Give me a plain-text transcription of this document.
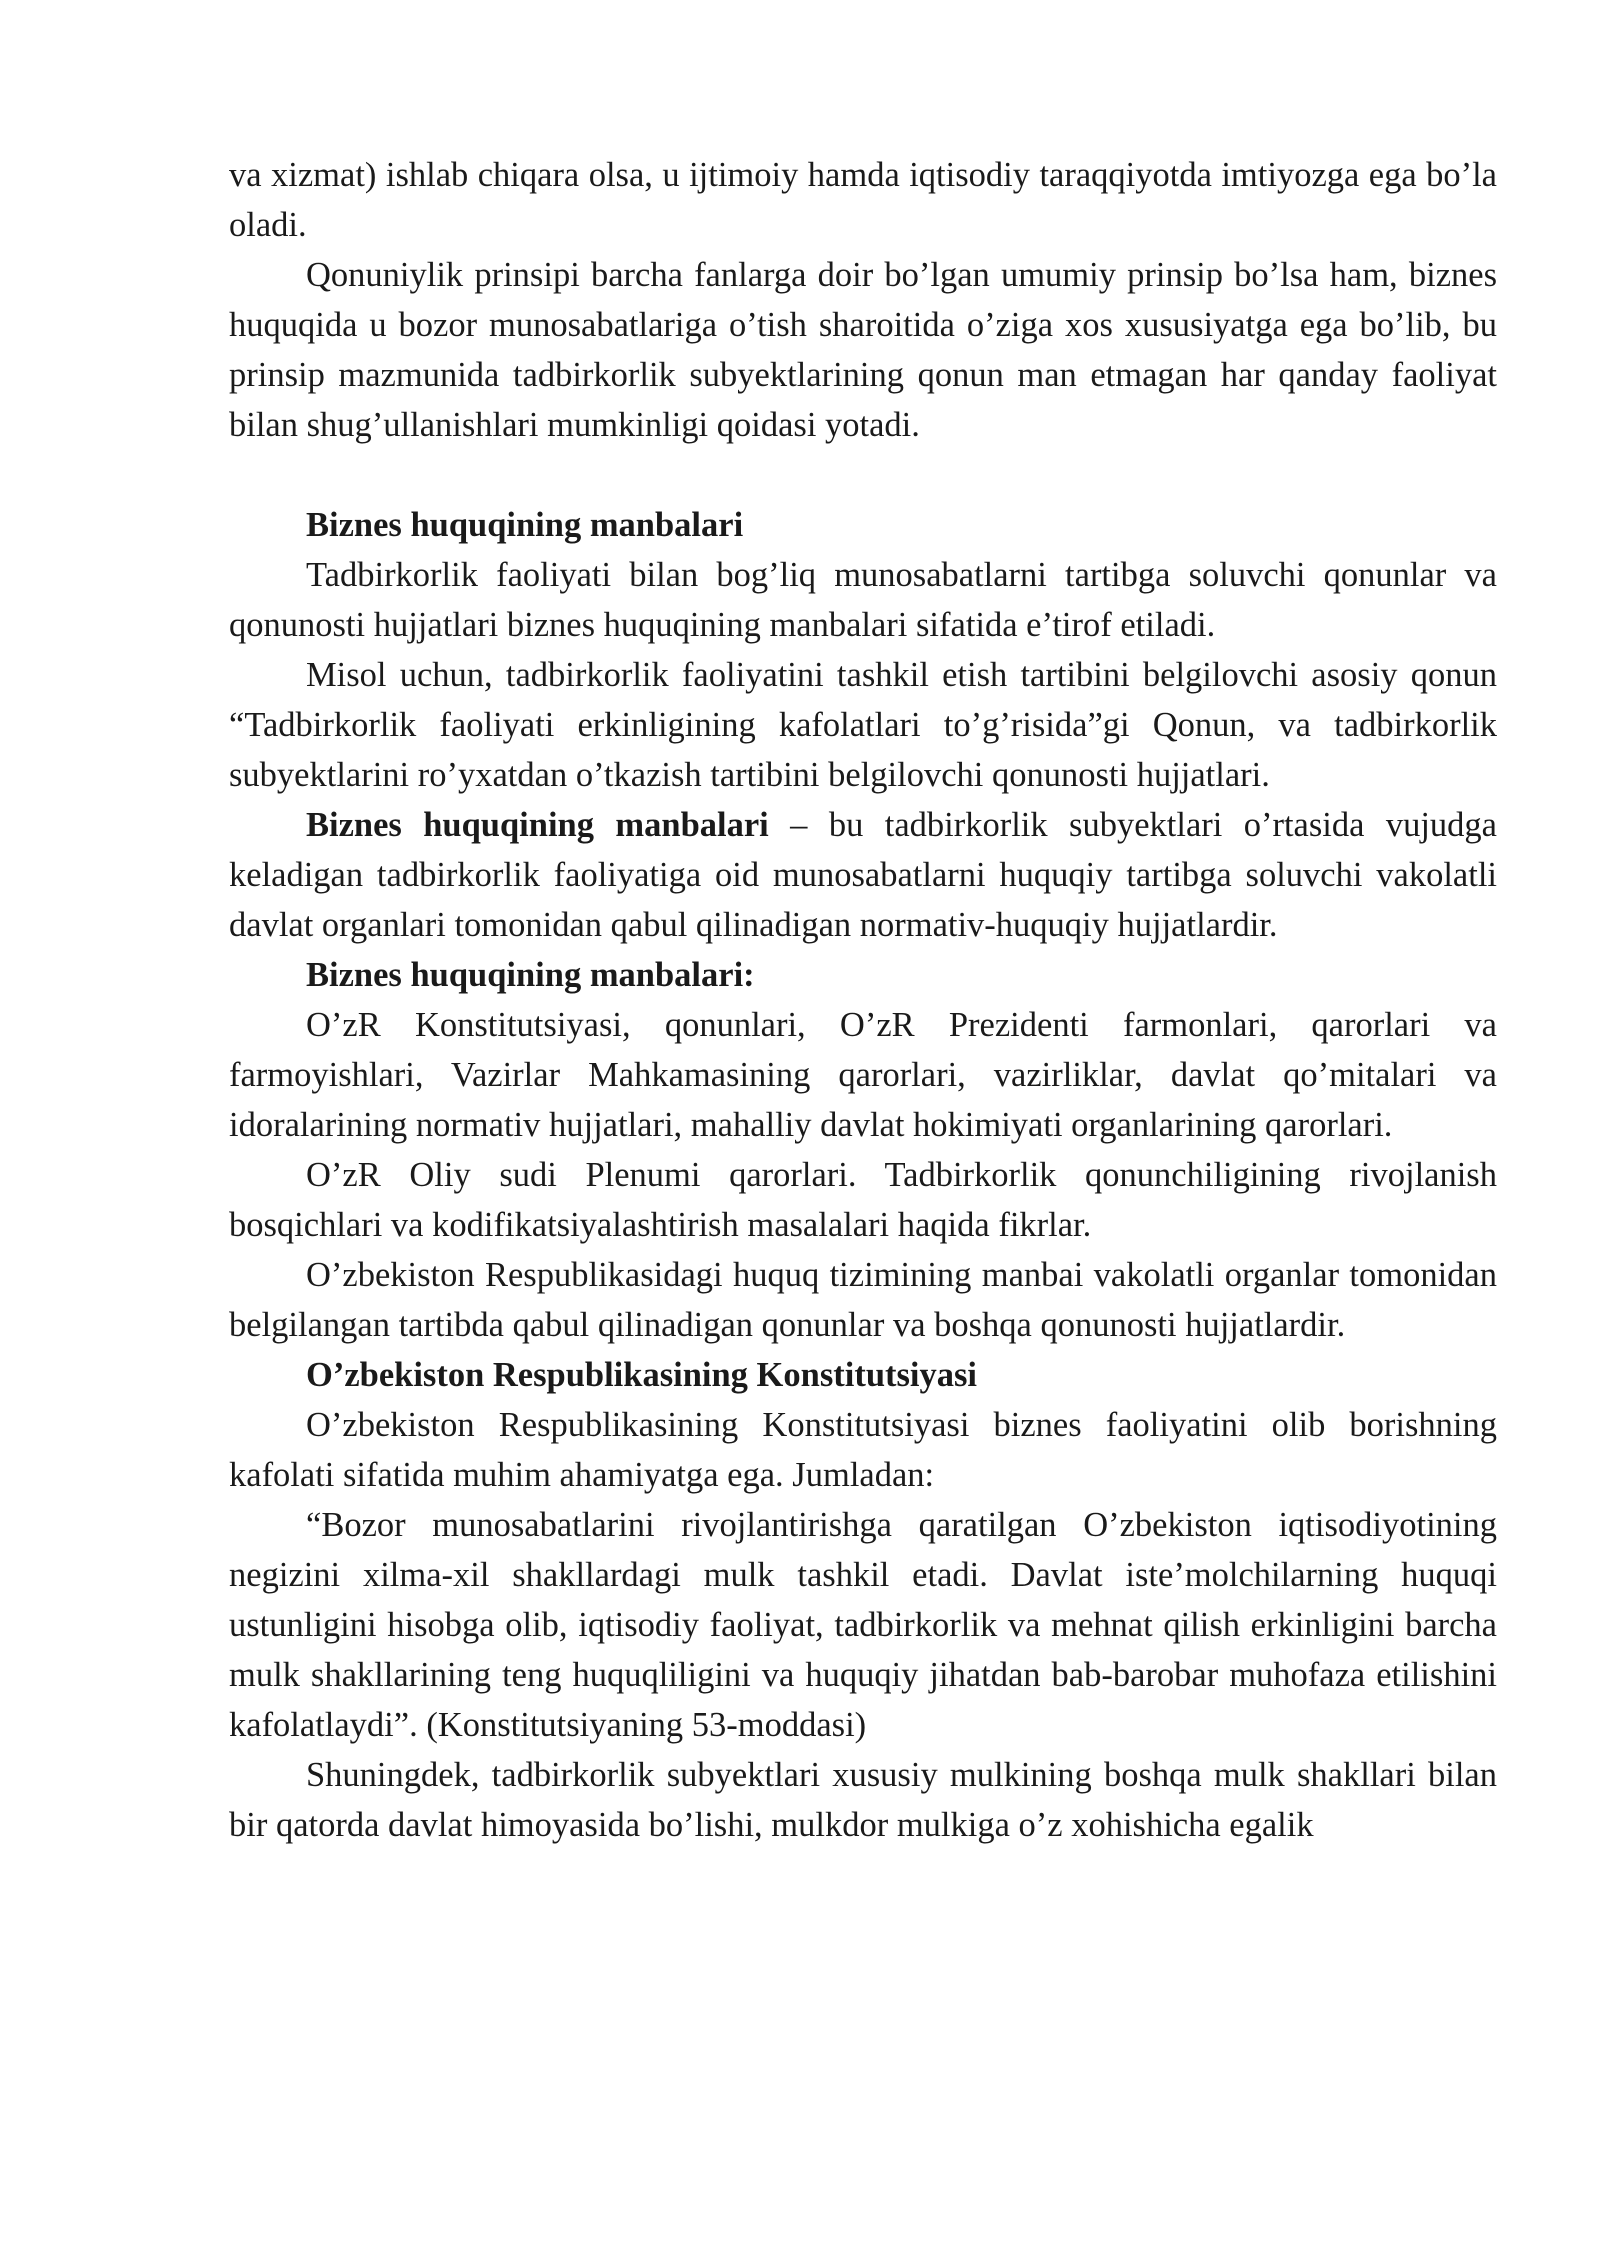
va xizmat) ishlab chiqara olsa, u ijtimoiy hamda iqtisodiy taraqqiyotda imtiyozga ega bo’la oladi.

Qonuniylik prinsipi barcha fanlarga doir bo’lgan umumiy prinsip bo’lsa ham, biznes huquqida u bozor munosabatlariga o’tish sharoitida o’ziga xos xususiyatga ega bo’lib, bu prinsip mazmunida tadbirkorlik subyektlarining qonun man etmagan har qanday faoliyat bilan shug’ullanishlari mumkinligi qoidasi yotadi.

Biznes huquqining manbalari

Tadbirkorlik faoliyati bilan bog’liq munosabatlarni tartibga soluvchi qonunlar va qonunosti hujjatlari biznes huquqining manbalari sifatida e’tirof etiladi.

Misol uchun, tadbirkorlik faoliyatini tashkil etish tartibini belgilovchi asosiy qonun “Tadbirkorlik faoliyati erkinligining kafolatlari to’g’risida”gi Qonun, va tadbirkorlik subyektlarini ro’yxatdan o’tkazish tartibini belgilovchi qonunosti hujjatlari.

Biznes huquqining manbalari – bu tadbirkorlik subyektlari o’rtasida vujudga keladigan tadbirkorlik faoliyatiga oid munosabatlarni huquqiy tartibga soluvchi vakolatli davlat organlari tomonidan qabul qilinadigan normativ-huquqiy hujjatlardir.

Biznes huquqining manbalari:

O’zR Konstitutsiyasi, qonunlari, O’zR Prezidenti farmonlari, qarorlari va farmoyishlari, Vazirlar Mahkamasining qarorlari, vazirliklar, davlat qo’mitalari va idoralarining normativ hujjatlari, mahalliy davlat hokimiyati organlarining qarorlari.

O’zR Oliy sudi Plenumi qarorlari. Tadbirkorlik qonunchiligining rivojlanish bosqichlari va kodifikatsiyalashtirish masalalari haqida fikrlar.

O’zbekiston Respublikasidagi huquq tizimining manbai vakolatli organlar tomonidan belgilangan tartibda qabul qilinadigan qonunlar va boshqa qonunosti hujjatlardir.

O’zbekiston Respublikasining Konstitutsiyasi

O’zbekiston Respublikasining Konstitutsiyasi biznes faoliyatini olib borishning kafolati sifatida muhim ahamiyatga ega. Jumladan:

“Bozor munosabatlarini rivojlantirishga qaratilgan O’zbekiston iqtisodiyotining negizini xilma-xil shakllardagi mulk tashkil etadi. Davlat iste’molchilarning huquqi ustunligini hisobga olib, iqtisodiy faoliyat, tadbirkorlik va mehnat qilish erkinligini barcha mulk shakllarining teng huquqliligini va huquqiy jihatdan bab-barobar muhofaza etilishini kafolatlaydi”. (Konstitutsiyaning 53-moddasi)

Shuningdek, tadbirkorlik subyektlari xususiy mulkining boshqa mulk shakllari bilan bir qatorda davlat himoyasida bo’lishi, mulkdor mulkiga o’z xohishicha egalik
